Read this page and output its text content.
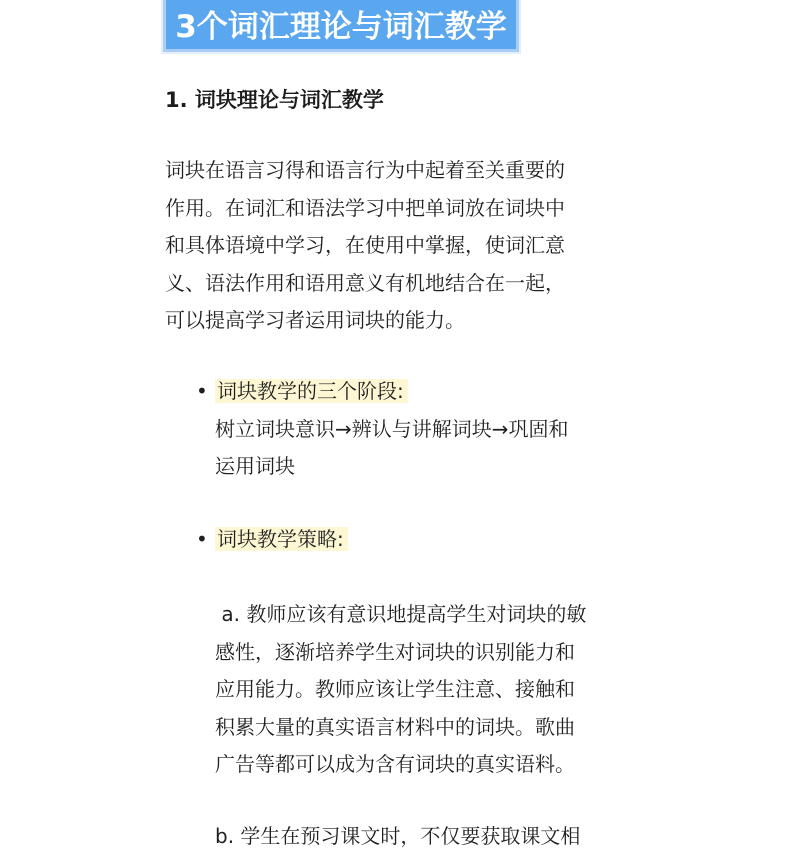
3个词汇理论与词汇教学
1. 词块理论与词汇教学
词块在语言习得和语言行为中起着至关重要的
作用。在词汇和语法学习中把单词放在词块中
和具体语境中学习，在使用中掌握，使词汇意
义、语法作用和语用意义有机地结合在一起，
可以提高学习者运用词块的能力。
• 词块教学的三个阶段:
树立词块意识→辨认与讲解词块→巩固和
运用词块
• 词块教学策略:
a. 教师应该有意识地提高学生对词块的敏
感性，逐渐培养学生对词块的识别能力和
应用能力。教师应该让学生注意、接触和
积累大量的真实语言材料中的词块。歌曲
广告等都可以成为含有词块的真实语料。
b. 学生在预习课文时，不仅要获取课文相
